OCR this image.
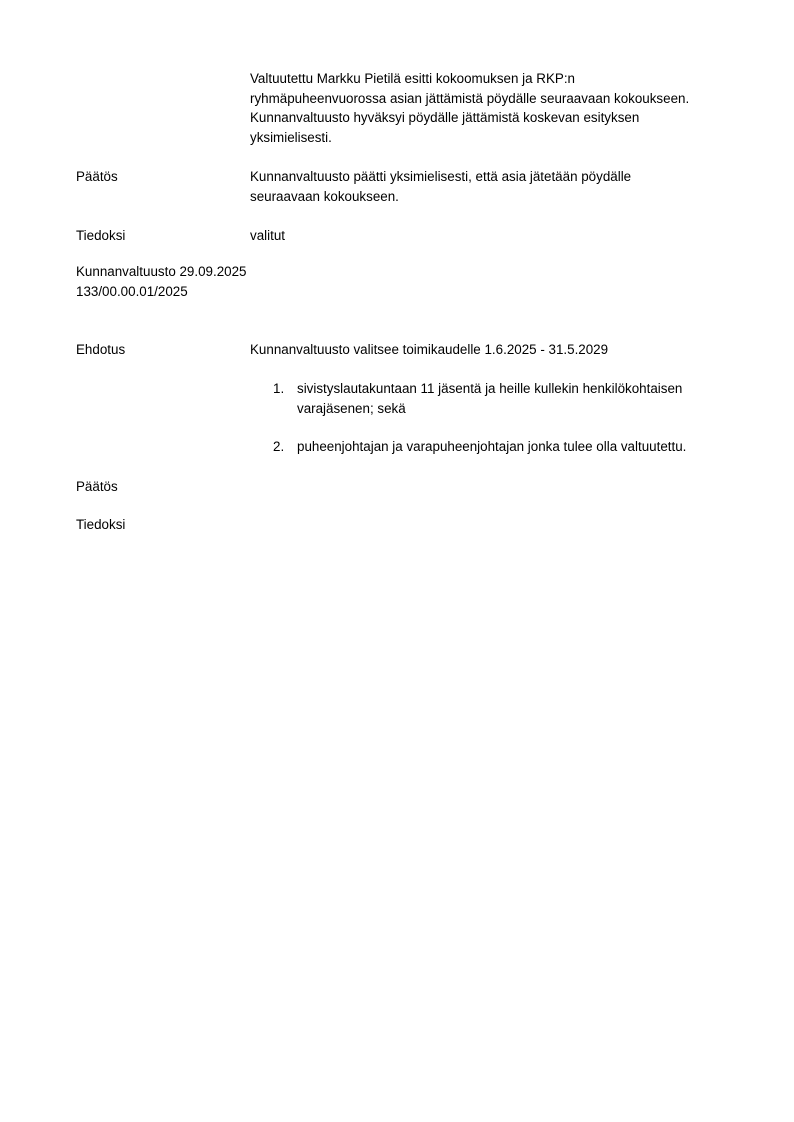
Valtuutettu Markku Pietilä esitti kokoomuksen ja RKP:n
ryhmäpuheenvuorossa asian jättämistä pöydälle seuraavaan kokoukseen.
Kunnanvaltuusto hyväksyi pöydälle jättämistä koskevan esityksen
yksimielisesti.
Päätös	Kunnanvaltuusto päätti yksimielisesti, että asia jätetään pöydälle
seuraavaan kokoukseen.
Tiedoksi	valitut
Kunnanvaltuusto 29.09.2025
133/00.00.01/2025
Ehdotus	Kunnanvaltuusto valitsee toimikaudelle 1.6.2025 - 31.5.2029
1. sivistyslautakuntaan 11 jäsentä ja heille kullekin henkilökohtaisen
varajäsenen; sekä
2. puheenjohtajan ja varapuheenjohtajan jonka tulee olla valtuutettu.
Päätös
Tiedoksi
